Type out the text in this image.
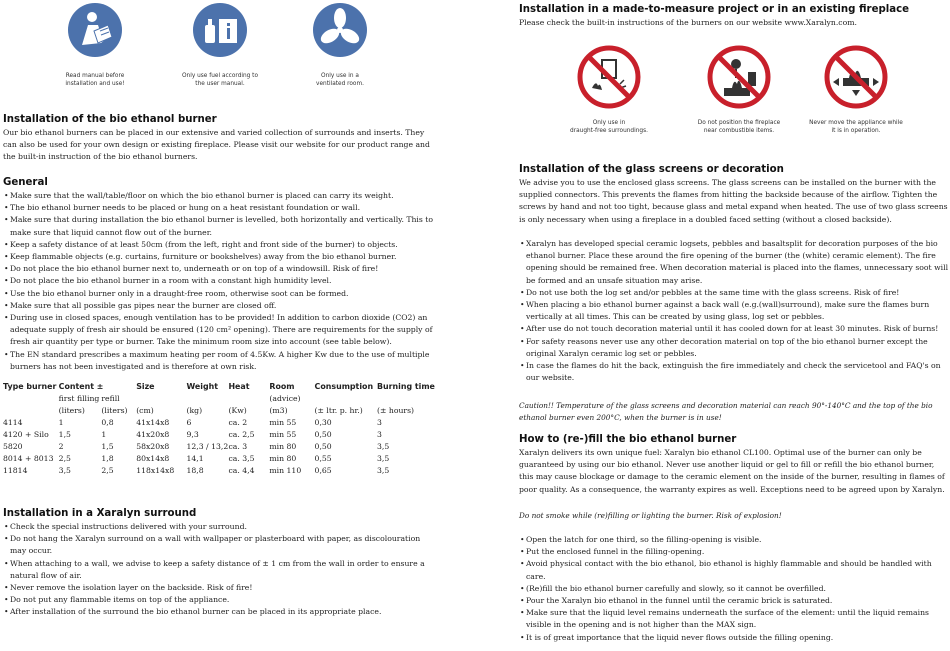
Read manual before
installation and use!
Only use fuel according to
the user manual.
Only use in a
ventilated room.
Installation of the bio ethanol burner

Our bio ethanol burners can be placed in our extensive and varied collection of surrounds and inserts. They can also be used for your own design or existing fireplace. Please visit our website for our product range and the built-in instruction of the bio ethanol burners.

General
• Make sure that the wall/table/floor on which the bio ethanol burner is placed can carry its weight.
• The bio ethanol burner needs to be placed or hung on a heat resistant foundation or wall.
• Make sure that during installation the bio ethanol burner is levelled, both horizontally and vertically. This to make sure that liquid cannot flow out of the burner.
• Keep a safety distance of at least 50cm (from the left, right and front side of the burner) to objects.
• Keep flammable objects (e.g. curtains, furniture or bookshelves) away from the bio ethanol burner.
• Do not place the bio ethanol burner next to, underneath or on top of a windowsill. Risk of fire!
• Do not place the bio ethanol burner in a room with a constant high humidity level.
• Use the bio ethanol burner only in a draught-free room, otherwise soot can be formed.
• Make sure that all possible gas pipes near the burner are closed off.
• During use in closed spaces, enough ventilation has to be provided! In addition to carbon dioxide (CO2) an adequate supply of fresh air should be ensured (120 cm² opening). There are requirements for the supply of fresh air quantity per type or burner. Take the minimum room size into account (see table below).
• The EN standard prescribes a maximum heating per room of 4.5Kw. A higher Kw due to the use of multiple burners has not been investigated and is therefore at own risk.
Type burner	Content ±		Size	Weight	Heat	Room	Consumption	Burning time
	first filling	refill				(advice)		
	(liters)	(liters)	(cm)	(kg)	(Kw)	(m3)	(± ltr. p. hr.)	(± hours)
4114	1	0,8	41x14x8	6	ca. 2	min 55	0,30	3
4120 + Silo	1,5	1	41x20x8	9,3	ca. 2,5	min 55	0,50	3
5820	2	1,5	58x20x8	12,3 / 13,2	ca. 3	min 80	0,50	3,5
8014 + 8013	2,5	1,8	80x14x8	14,1	ca. 3,5	min 80	0,55	3,5
11814	3,5	2,5	118x14x8	18,8	ca. 4,4	min 110	0,65	3,5
Installation in a Xaralyn surround
• Check the special instructions delivered with your surround.
• Do not hang the Xaralyn surround on a wall with wallpaper or plasterboard with paper, as discolouration may occur.
• When attaching to a wall, we advise to keep a safety distance of ± 1 cm from the wall in order to ensure a natural flow of air.
• Never remove the isolation layer on the backside. Risk of fire!
• Do not put any flammable items on top of the appliance.
• After installation of the surround the bio ethanol burner can be placed in its appropriate place.
Installation in a made-to-measure project or in an existing fireplace

Please check the built-in instructions of the burners on our website www.Xaralyn.com.

Only use in
draught-free surroundings.
Do not position the fireplace
near combustible items.
Never move the appliance while
it is in operation.
Installation of the glass screens or decoration

We advise you to use the enclosed glass screens. The glass screens can be installed on the burner with the supplied connectors. This prevents the flames from hitting the backside because of the airflow. Tighten the screws by hand and not too tight, because glass and metal expand when heated. The use of two glass screens is only necessary when using a fireplace in a doubled faced setting (without a closed backside).

• Xaralyn has developed special ceramic logsets, pebbles and basaltsplit for decoration purposes of the bio ethanol burner. Place these around the fire opening of the burner (the (white) ceramic element). The fire opening should be remained free. When decoration material is placed into the flames, unnecessary soot will be formed and an unsafe situation may arise.
• Do not use both the log set and/or pebbles at the same time with the glass screens. Risk of fire!
• When placing a bio ethanol burner against a back wall (e.g.(wall)surround), make sure the flames burn vertically at all times. This can be created by using glass, log set or pebbles.
• After use do not touch decoration material until it has cooled down for at least 30 minutes. Risk of burns!
• For safety reasons never use any other decoration material on top of the bio ethanol burner except the original Xaralyn ceramic log set or pebbles.
• In case the flames do hit the back, extinguish the fire immediately and check the servicetool and FAQ's on our website.

Caution!! Temperature of the glass screens and decoration material can reach 90°-140°C and the top of the bio ethanol burner even 200°C, when the burner is in use!

How to (re-)fill the bio ethanol burner

Xaralyn delivers its own unique fuel: Xaralyn bio ethanol CL100. Optimal use of the burner can only be guaranteed by using our bio ethanol. Never use another liquid or gel to fill or refill the bio ethanol burner, this may cause blockage or damage to the ceramic element on the inside of the burner, resulting in flames of poor quality. As a consequence, the warranty expires as well. Exceptions need to be agreed upon by Xaralyn.

Do not smoke while (re)filling or lighting the burner. Risk of explosion!

• Open the latch for one third, so the filling-opening is visible.
• Put the enclosed funnel in the filling-opening.
• Avoid physical contact with the bio ethanol, bio ethanol is highly flammable and should be handled with care.
• (Re)fill the bio ethanol burner carefully and slowly, so it cannot be overfilled.
• Pour the Xaralyn bio ethanol in the funnel until the ceramic brick is saturated.
• Make sure that the liquid level remains underneath the surface of the element: until the liquid remains visible in the opening and is not higher than the MAX sign.
• It is of great importance that the liquid never flows outside the filling opening.
